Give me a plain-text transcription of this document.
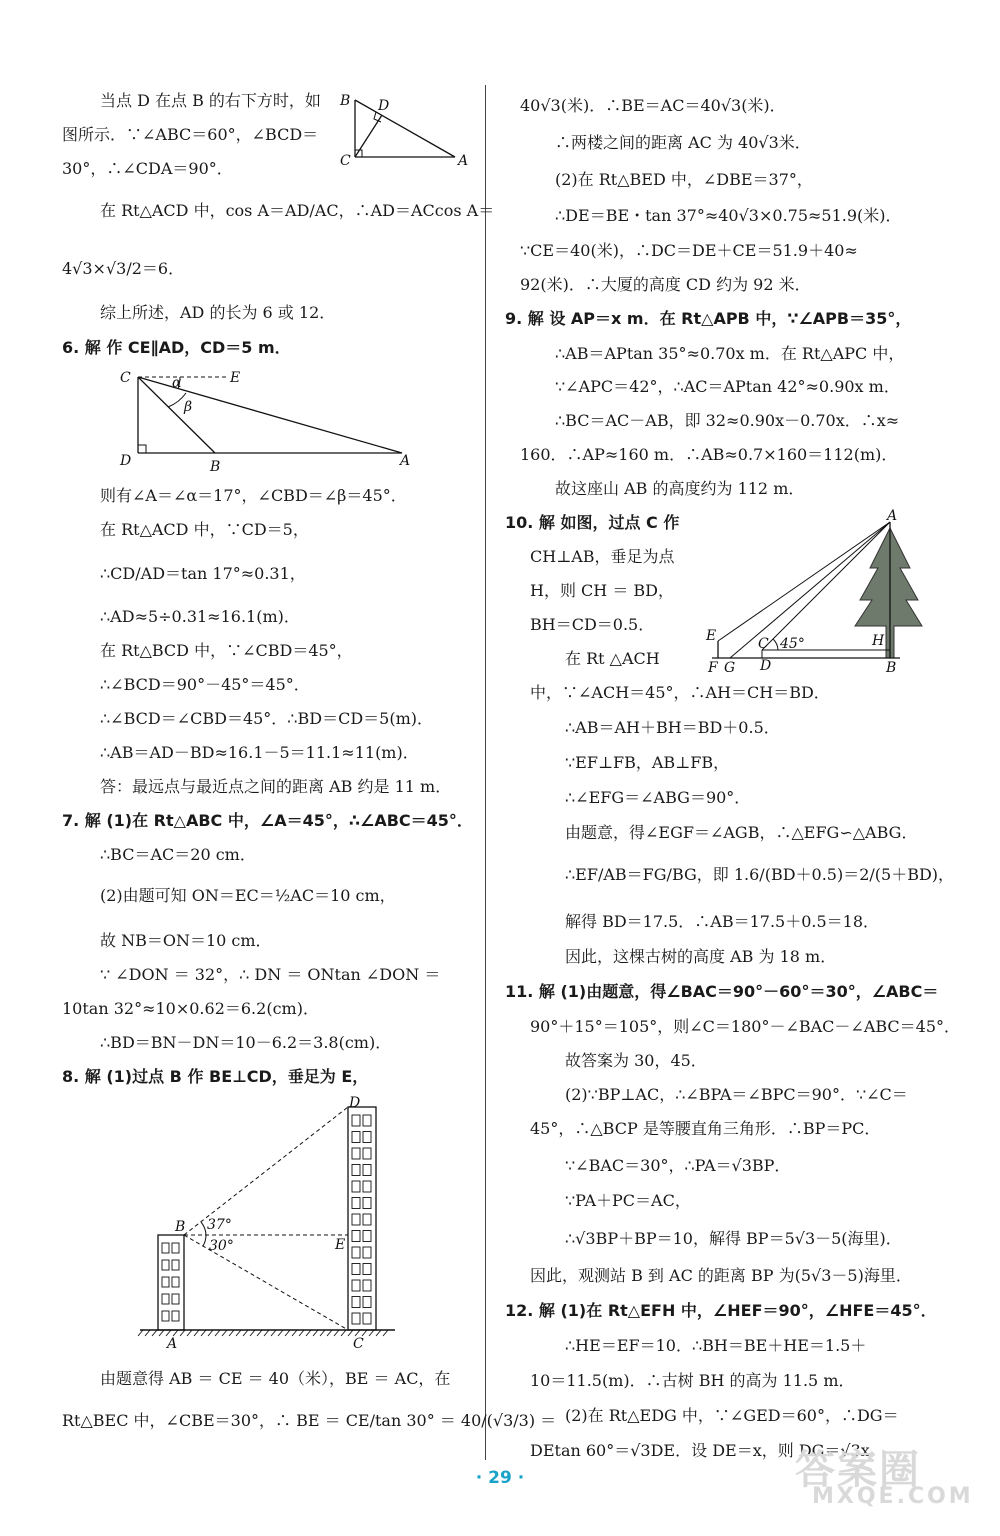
当点 D 在点 B 的右下方时，如
图所示．∵∠ABC＝60°，∠BCD＝
30°，∴∠CDA＝90°．
在 Rt△ACD 中，cos A＝AD/AC，∴AD＝ACcos A＝
4√3×√3/2＝6．
综上所述，AD 的长为 6 或 12．
6. 解 作 CE∥AD，CD＝5 m．
则有∠A＝∠α＝17°，∠CBD＝∠β＝45°．
在 Rt△ACD 中，∵CD＝5，
∴CD/AD＝tan 17°≈0.31，
∴AD≈5÷0.31≈16.1(m)．
在 Rt△BCD 中，∵∠CBD＝45°，
∴∠BCD＝90°－45°＝45°．
∴∠BCD＝∠CBD＝45°．∴BD＝CD＝5(m)．
∴AB＝AD－BD≈16.1－5＝11.1≈11(m)．
答：最远点与最近点之间的距离 AB 约是 11 m．
7. 解 (1)在 Rt△ABC 中，∠A＝45°，∴∠ABC＝45°．
∴BC＝AC＝20 cm．
(2)由题可知 ON＝EC＝½AC＝10 cm，
故 NB＝ON＝10 cm．
∵ ∠DON ＝ 32°，∴ DN ＝ ONtan ∠DON ＝
10tan 32°≈10×0.62＝6.2(cm)．
∴BD＝BN－DN＝10－6.2＝3.8(cm)．
8. 解 (1)过点 B 作 BE⊥CD，垂足为 E，
由题意得 AB ＝ CE ＝ 40（米），BE ＝ AC，在
Rt△BEC 中，∠CBE＝30°，∴ BE ＝ CE/tan 30° ＝ 40/(√3/3) ＝
B D
C	A
C	E
α
β
D	B	A
D
B
E
A	C
37°
30°
40√3(米)．∴BE＝AC＝40√3(米)．
∴两楼之间的距离 AC 为 40√3米．
(2)在 Rt△BED 中，∠DBE＝37°，
∴DE＝BE・tan 37°≈40√3×0.75≈51.9(米)．
∵CE＝40(米)，∴DC＝DE＋CE＝51.9＋40≈
92(米)．∴大厦的高度 CD 约为 92 米．
9. 解 设 AP＝x m．在 Rt△APB 中，∵∠APB＝35°，
∴AB＝APtan 35°≈0.70x m．在 Rt△APC 中，
∵∠APC＝42°，∴AC＝APtan 42°≈0.90x m．
∴BC＝AC－AB，即 32≈0.90x－0.70x．∴x≈
160．∴AP≈160 m．∴AB≈0.7×160＝112(m)．
故这座山 AB 的高度约为 112 m．
10. 解 如图，过点 C 作
CH⊥AB，垂足为点
H，则 CH ＝ BD，
BH＝CD＝0.5．
在 Rt △ACH
中，∵∠ACH＝45°，∴AH＝CH＝BD．
∴AB＝AH＋BH＝BD＋0.5．
∵EF⊥FB，AB⊥FB，
∴∠EFG＝∠ABG＝90°．
由题意，得∠EGF＝∠AGB，∴△EFG∽△ABG．
∴EF/AB＝FG/BG，即 1.6/(BD＋0.5)＝2/(5＋BD)，
解得 BD＝17.5．∴AB＝17.5＋0.5＝18．
因此，这棵古树的高度 AB 为 18 m．
11. 解 (1)由题意，得∠BAC＝90°－60°＝30°，∠ABC＝
90°＋15°＝105°，则∠C＝180°－∠BAC－∠ABC＝45°．
故答案为 30，45．
(2)∵BP⊥AC，∴∠BPA＝∠BPC＝90°．∵∠C＝
45°，∴△BCP 是等腰直角三角形．∴BP＝PC．
∵∠BAC＝30°，∴PA＝√3BP．
∵PA＋PC＝AC，
∴√3BP＋BP＝10，解得 BP＝5√3－5(海里)．
因此，观测站 B 到 AC 的距离 BP 为(5√3－5)海里．
12. 解 (1)在 Rt△EFH 中，∠HEF＝90°，∠HFE＝45°．
∴HE＝EF＝10．∴BH＝BE＋HE＝1.5＋
10＝11.5(m)．∴古树 BH 的高为 11.5 m．
(2)在 Rt△EDG 中，∵∠GED＝60°，∴DG＝
DEtan 60°＝√3DE．设 DE＝x，则 DG＝√3x．
A
E
F G
C
D
H
B
45°
· 29 ·	答案圈
MXQE.COM
